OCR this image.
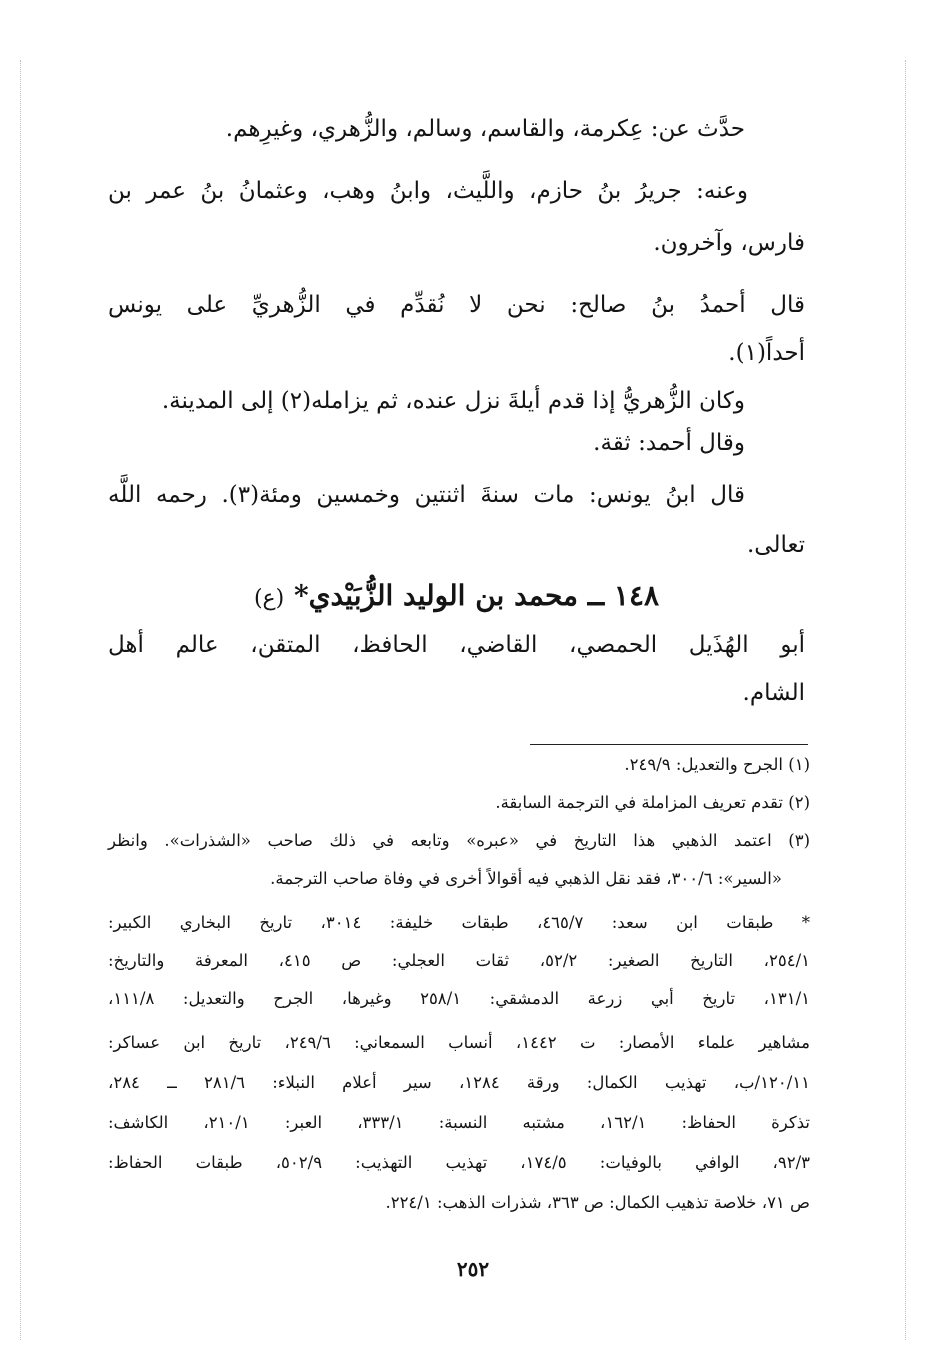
حدَّث عن: عِكرمة، والقاسم، وسالم، والزُّهري، وغيرِهم.
وعنه: جريرُ بنُ حازم، واللَّيث، وابنُ وهب، وعثمانُ بنُ عمر بن
فارس، وآخرون.
قال أحمدُ بنُ صالح: نحن لا نُقدِّم في الزُّهريِّ على يونس
أحداً(١).
وكان الزُّهريُّ إذا قدم أيلةَ نزل عنده، ثم يزامله(٢) إلى المدينة.
وقال أحمد: ثقة.
قال ابنُ يونس: مات سنةَ اثنتين وخمسين ومئة(٣). رحمه اللَّه
تعالى.
١٤٨ ــ محمد بن الوليد الزُّبَيْدي* (ع)
أبو الهُذَيل الحمصي، القاضي، الحافظ، المتقن، عالم أهل
الشام.
(١) الجرح والتعديل: ٢٤٩/٩.
(٢) تقدم تعريف المزاملة في الترجمة السابقة.
(٣) اعتمد الذهبي هذا التاريخ في «عبره» وتابعه في ذلك صاحب «الشذرات». وانظر
«السير»: ٣٠٠/٦، فقد نقل الذهبي فيه أقوالاً أخرى في وفاة صاحب الترجمة.
* طبقات ابن سعد: ٤٦٥/٧، طبقات خليفة: ٣٠١٤، تاريخ البخاري الكبير:
٢٥٤/١، التاريخ الصغير: ٥٢/٢، ثقات العجلي: ص ٤١٥، المعرفة والتاريخ:
١٣١/١، تاريخ أبي زرعة الدمشقي: ٢٥٨/١ وغيرها، الجرح والتعديل: ١١١/٨،
مشاهير علماء الأمصار: ت ١٤٤٢، أنساب السمعاني: ٢٤٩/٦، تاريخ ابن عساكر:
١٢٠/١١/ب، تهذيب الكمال: ورقة ١٢٨٤، سير أعلام النبلاء: ٢٨١/٦ ــ ٢٨٤،
تذكرة الحفاظ: ١٦٢/١، مشتبه النسبة: ٣٣٣/١، العبر: ٢١٠/١، الكاشف:
٩٢/٣، الوافي بالوفيات: ١٧٤/٥، تهذيب التهذيب: ٥٠٢/٩، طبقات الحفاظ:
ص ٧١، خلاصة تذهيب الكمال: ص ٣٦٣، شذرات الذهب: ٢٢٤/١.
٢٥٢
